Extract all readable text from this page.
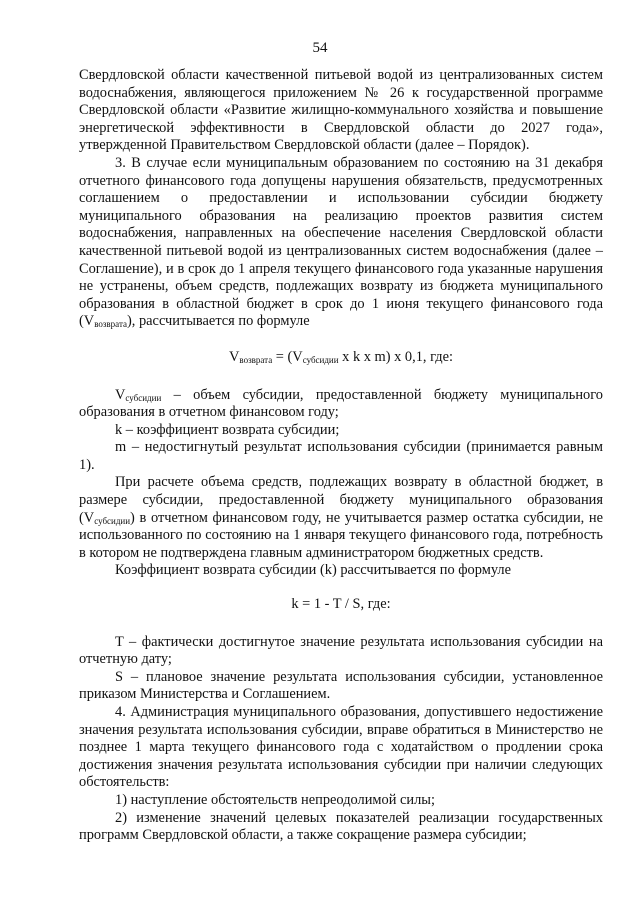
54

Свердловской области качественной питьевой водой из централизованных систем водоснабжения, являющегося приложением № 26 к государственной программе Свердловской области «Развитие жилищно-коммунального хозяйства и повышение энергетической эффективности в Свердловской области до 2027 года», утвержденной Правительством Свердловской области (далее – Порядок).

3. В случае если муниципальным образованием по состоянию на 31 декабря отчетного финансового года допущены нарушения обязательств, предусмотренных соглашением о предоставлении и использовании субсидии бюджету муниципального образования на реализацию проектов развития систем водоснабжения, направленных на обеспечение населения Свердловской области качественной питьевой водой из централизованных систем водоснабжения (далее – Соглашение), и в срок до 1 апреля текущего финансового года указанные нарушения не устранены, объем средств, подлежащих возврату из бюджета муниципального образования в областной бюджет в срок до 1 июня текущего финансового года $(V_{возврата})$, рассчитывается по формуле

$V_{возврата} = (V_{субсидии}$ x k x m) x 0,1, где:

$V_{субсидии}$ – объем субсидии, предоставленной бюджету муниципального образования в отчетном финансовом году;

k – коэффициент возврата субсидии;

m – недостигнутый результат использования субсидии (принимается равным 1).

При расчете объема средств, подлежащих возврату в областной бюджет, в размере субсидии, предоставленной бюджету муниципального образования $(V_{субсидии})$ в отчетном финансовом году, не учитывается размер остатка субсидии, не использованного по состоянию на 1 января текущего финансового года, потребность в котором не подтверждена главным администратором бюджетных средств.

Коэффициент возврата субсидии (k) рассчитывается по формуле

k = 1 - T / S, где:

T – фактически достигнутое значение результата использования субсидии на отчетную дату;

S – плановое значение результата использования субсидии, установленное приказом Министерства и Соглашением.

4. Администрация муниципального образования, допустившего недостижение значения результата использования субсидии, вправе обратиться в Министерство не позднее 1 марта текущего финансового года с ходатайством о продлении срока достижения значения результата использования субсидии при наличии следующих обстоятельств:

1) наступление обстоятельств непреодолимой силы;

2) изменение значений целевых показателей реализации государственных программ Свердловской области, а также сокращение размера субсидии;
